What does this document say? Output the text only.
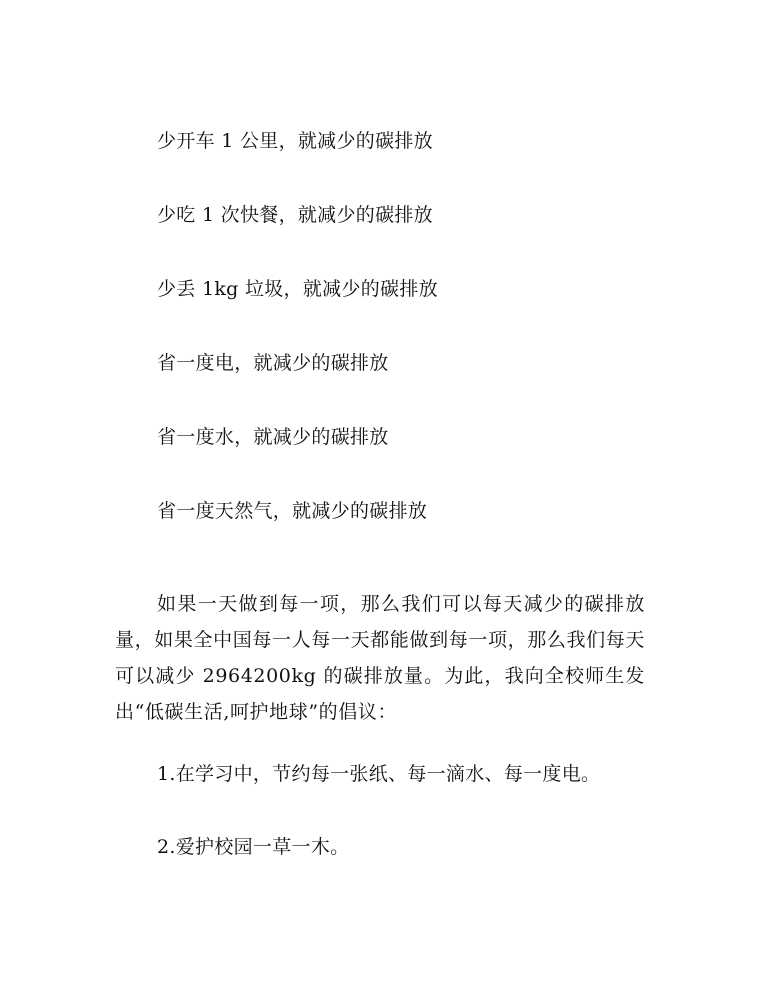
少开车 1 公里，就减少的碳排放
少吃 1 次快餐，就减少的碳排放
少丢 1kg 垃圾，就减少的碳排放
省一度电，就减少的碳排放
省一度水，就减少的碳排放
省一度天然气，就减少的碳排放

如果一天做到每一项，那么我们可以每天减少的碳排放量，如果全中国每一人每一天都能做到每一项，那么我们每天可以减少 2964200kg 的碳排放量。为此，我向全校师生发出“低碳生活,呵护地球”的倡议：

1.在学习中，节约每一张纸、每一滴水、每一度电。
2.爱护校园一草一木。
